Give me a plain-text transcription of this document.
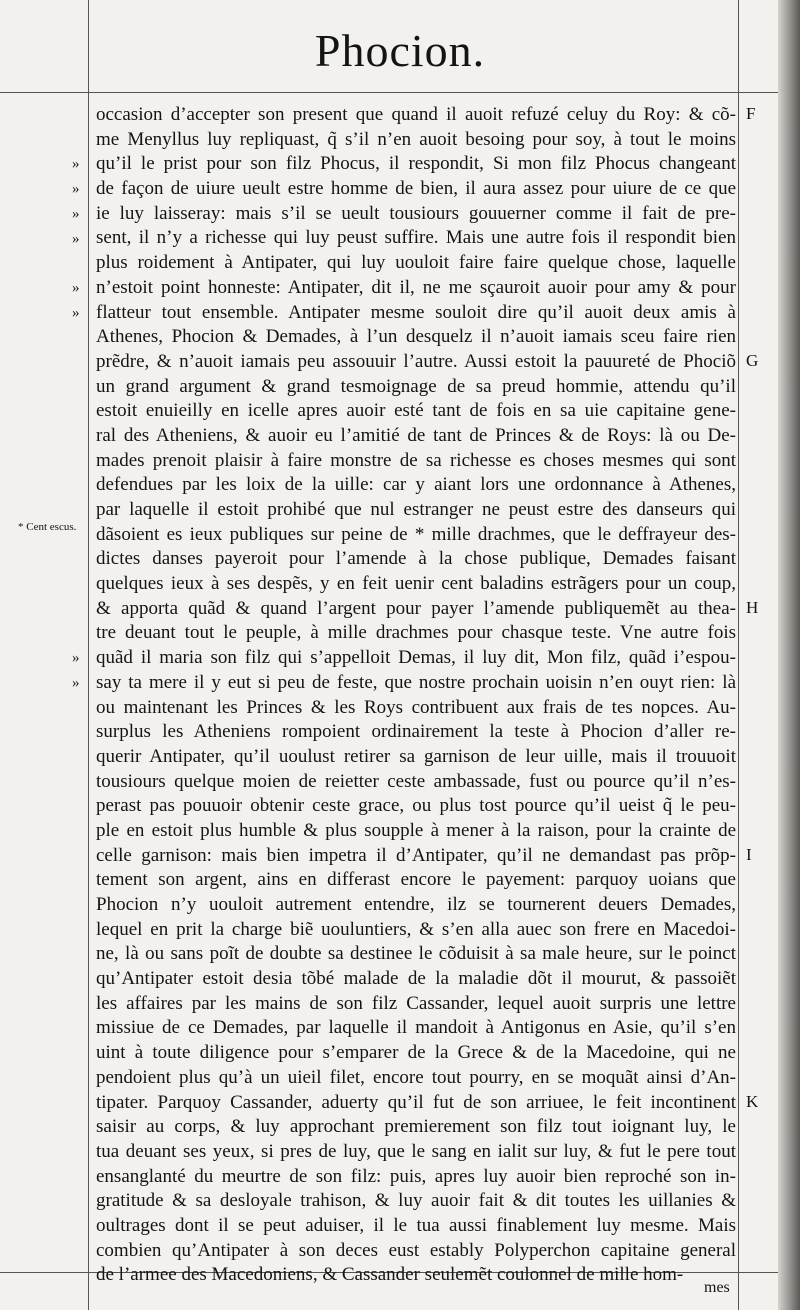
Phocion.
occasion d’accepter son present que quand il auoit refuzé celuy du Roy: & cõ-
me Menyllus luy repliquast, q̃ s’il n’en auoit besoing pour soy, à tout le moins
qu’il le prist pour son filz Phocus, il respondit, Si mon filz Phocus changeant
de façon de uiure ueult estre homme de bien, il aura assez pour uiure de ce que
ie luy laisseray: mais s’il se ueult tousiours gouuerner comme il fait de pre-
sent, il n’y a richesse qui luy peust suffire. Mais une autre fois il respondit bien
plus roidement à Antipater, qui luy uouloit faire faire quelque chose, laquelle
n’estoit point honneste: Antipater, dit il, ne me sçauroit auoir pour amy & pour
flatteur tout ensemble. Antipater mesme souloit dire qu’il auoit deux amis à
Athenes, Phocion & Demades, à l’un desquelz il n’auoit iamais sceu faire rien
prẽdre, & n’auoit iamais peu assouuir l’autre. Aussi estoit la pauureté de Phociõ
un grand argument & grand tesmoignage de sa preud hommie, attendu qu’il
estoit enuieilly en icelle apres auoir esté tant de fois en sa uie capitaine gene-
ral des Atheniens, & auoir eu l’amitié de tant de Princes & de Roys: là ou De-
mades prenoit plaisir à faire monstre de sa richesse es choses mesmes qui sont
defendues par les loix de la uille: car y aiant lors une ordonnance à Athenes,
par laquelle il estoit prohibé que nul estranger ne peust estre des danseurs qui
dãsoient es ieux publiques sur peine de * mille drachmes, que le deffrayeur des-
dictes danses payeroit pour l’amende à la chose publique, Demades faisant
quelques ieux à ses despẽs, y en feit uenir cent baladins estrãgers pour un coup,
& apporta quãd & quand l’argent pour payer l’amende publiquemẽt au thea-
tre deuant tout le peuple, à mille drachmes pour chasque teste. Vne autre fois
quãd il maria son filz qui s’appelloit Demas, il luy dit, Mon filz, quãd i’espou-
say ta mere il y eut si peu de feste, que nostre prochain uoisin n’en ouyt rien: là
ou maintenant les Princes & les Roys contribuent aux frais de tes nopces. Au-
surplus les Atheniens rompoient ordinairement la teste à Phocion d’aller re-
querir Antipater, qu’il uoulust retirer sa garnison de leur uille, mais il trouuoit
tousiours quelque moien de reietter ceste ambassade, fust ou pource qu’il n’es-
perast pas pouuoir obtenir ceste grace, ou plus tost pource qu’il ueist q̃ le peu-
ple en estoit plus humble & plus soupple à mener à la raison, pour la crainte de
celle garnison: mais bien impetra il d’Antipater, qu’il ne demandast pas prõp-
tement son argent, ains en differast encore le payement: parquoy uoians que
Phocion n’y uouloit autrement entendre, ilz se tournerent deuers Demades,
lequel en prit la charge biẽ uouluntiers, & s’en alla auec son frere en Macedoi-
ne, là ou sans poĩt de doubte sa destinee le cõduisit à sa male heure, sur le poinct
qu’Antipater estoit desia tõbé malade de la maladie dõt il mourut, & passoiẽt
les affaires par les mains de son filz Cassander, lequel auoit surpris une lettre
missiue de ce Demades, par laquelle il mandoit à Antigonus en Asie, qu’il s’en
uint à toute diligence pour s’emparer de la Grece & de la Macedoine, qui ne
pendoient plus qu’à un uieil filet, encore tout pourry, en se moquãt ainsi d’An-
tipater. Parquoy Cassander, aduerty qu’il fut de son arriuee, le feit incontinent
saisir au corps, & luy approchant premierement son filz tout ioignant luy, le
tua deuant ses yeux, si pres de luy, que le sang en ialit sur luy, & fut le pere tout
ensanglanté du meurtre de son filz: puis, apres luy auoir bien reproché son in-
gratitude & sa desloyale trahison, & luy auoir fait & dit toutes les uillanies &
oultrages dont il se peut aduiser, il le tua aussi finablement luy mesme. Mais
combien qu’Antipater à son deces eust estably Polyperchon capitaine general
de l’armee des Macedoniens, & Cassander seulemẽt coulonnel de mille hom-
»
»
»
»
»
»
»
»
F
G
H
I
K
* Cent escus.
mes
